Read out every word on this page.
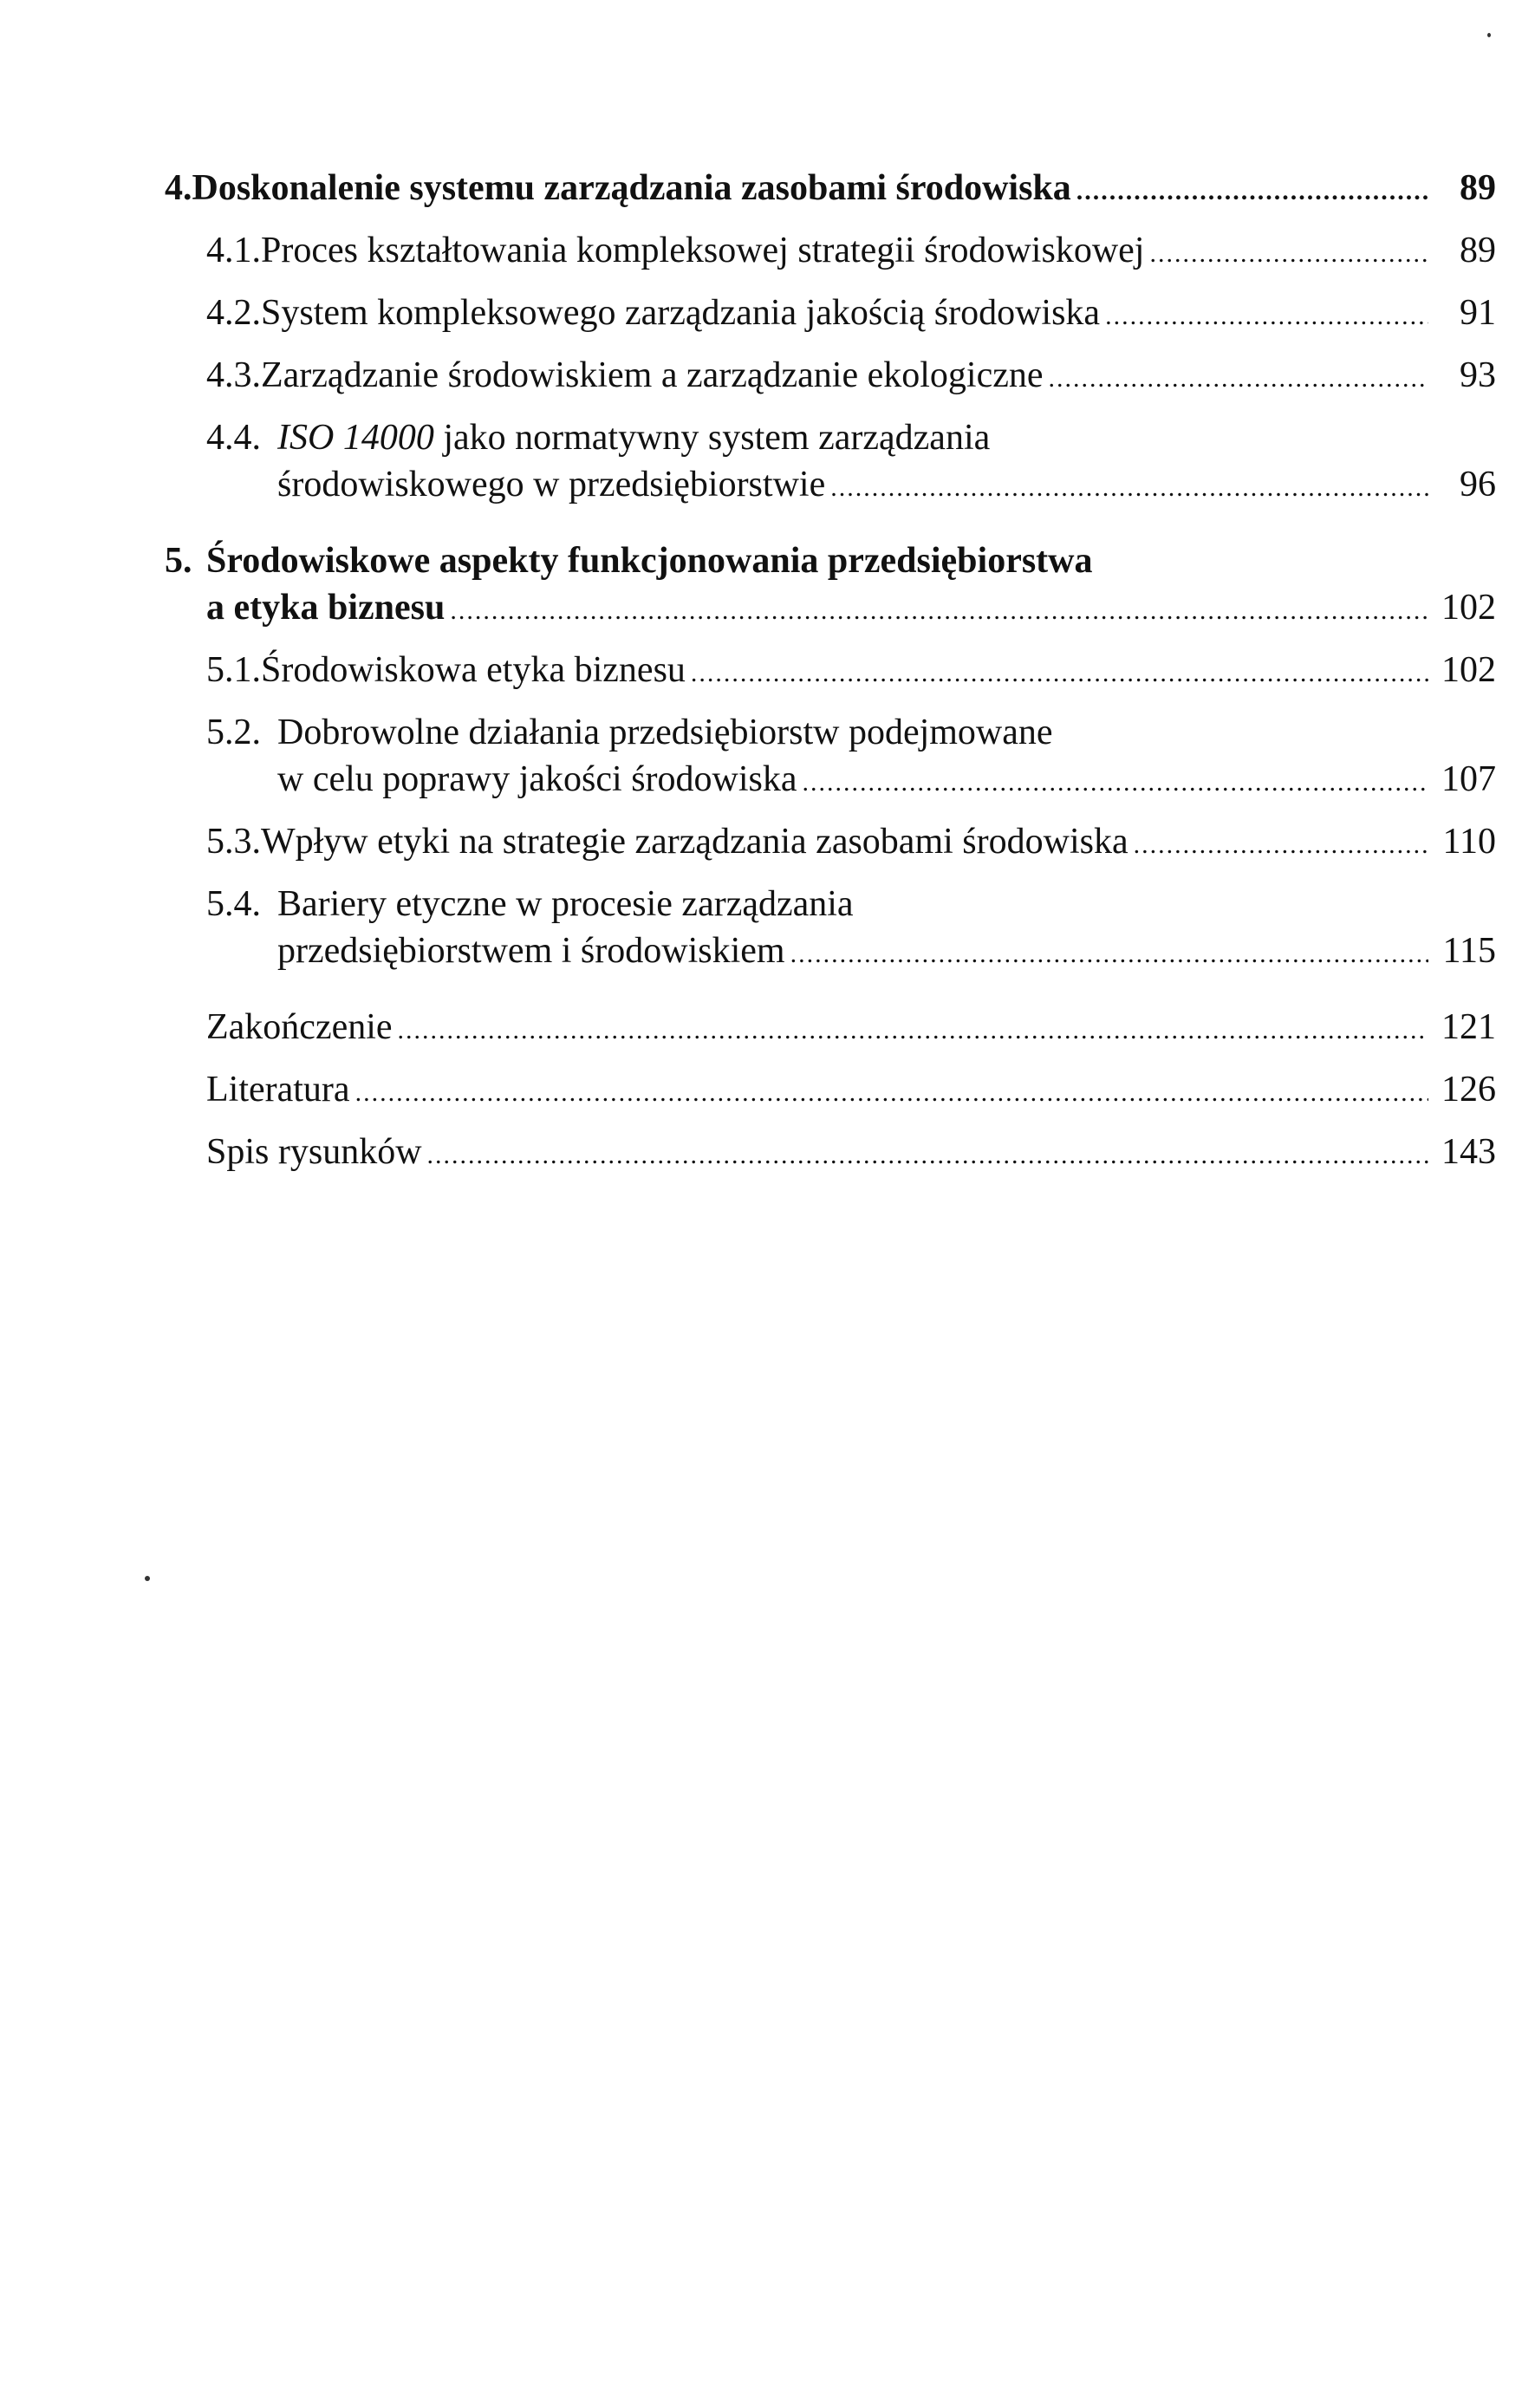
4. Doskonalenie systemu zarządzania zasobami środowiska .....	89
4.1. Proces kształtowania kompleksowej strategii środowiskowej .....	89
4.2. System kompleksowego zarządzania jakością środowiska .....	91
4.3. Zarządzanie środowiskiem a zarządzanie ekologiczne .....	93
4.4. ISO 14000
jako normatywny system zarządzania
środowiskowego w przedsiębiorstwie .....	96
5. Środowiskowe aspekty funkcjonowania przedsiębiorstwa
a etyka biznesu .....	102
5.1. Środowiskowa etyka biznesu .....	102
5.2. Dobrowolne działania przedsiębiorstw podejmowane
w celu poprawy jakości środowiska .....	107
5.3. Wpływ etyki na strategie zarządzania zasobami środowiska .....	110
5.4. Bariery etyczne w procesie zarządzania
przedsiębiorstwem i środowiskiem .....	115
Zakończenie .....	121
Literatura .....	126
Spis rysunków .....	143
